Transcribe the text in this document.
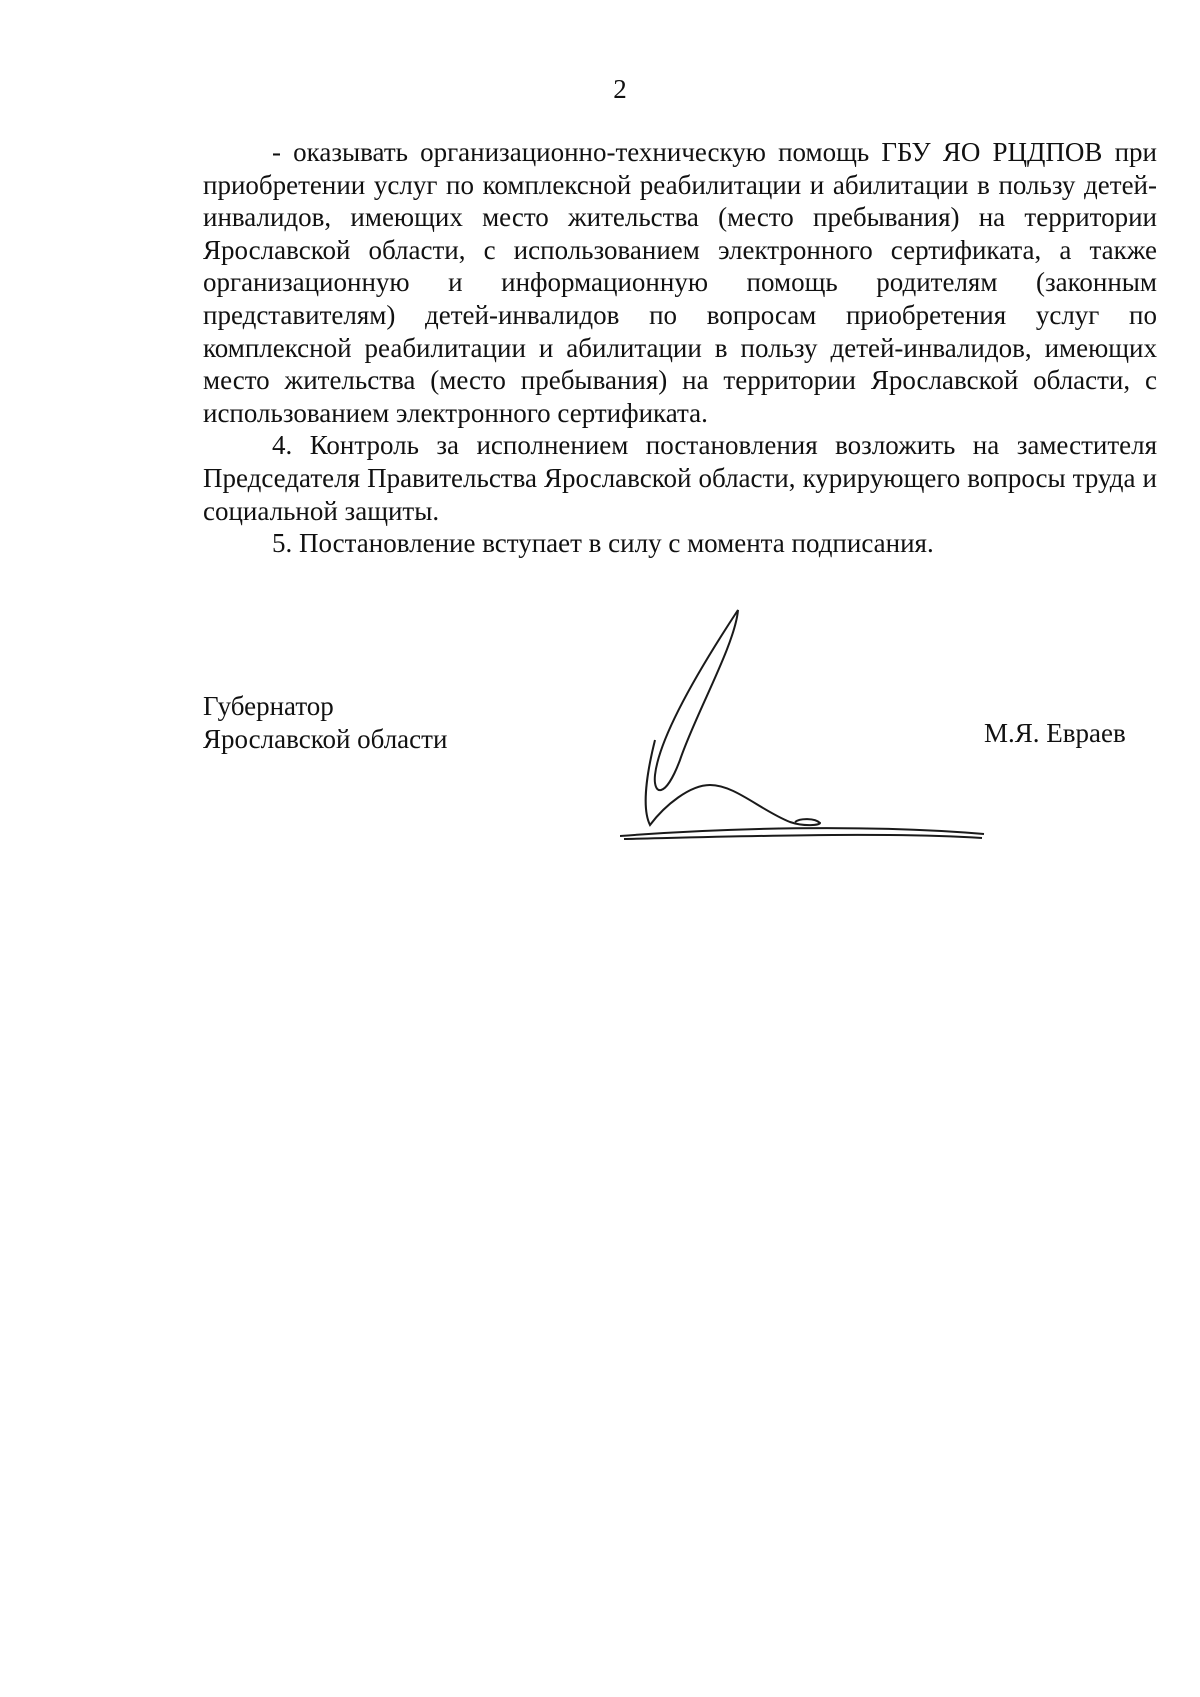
2

- оказывать организационно-техническую помощь ГБУ ЯО РЦДПОВ при приобретении услуг по комплексной реабилитации и абилитации в пользу детей-инвалидов, имеющих место жительства (место пребывания) на территории Ярославской области, с использованием электронного сертификата, а также организационную и информационную помощь родителям (законным представителям) детей-инвалидов по вопросам приобретения услуг по комплексной реабилитации и абилитации в пользу детей-инвалидов, имеющих место жительства (место пребывания) на территории Ярославской области, с использованием электронного сертификата.

4. Контроль за исполнением постановления возложить на заместителя Председателя Правительства Ярославской области, курирующего вопросы труда и социальной защиты.

5. Постановление вступает в силу с момента подписания.

Губернатор
Ярославской области	М.Я. Евраев
